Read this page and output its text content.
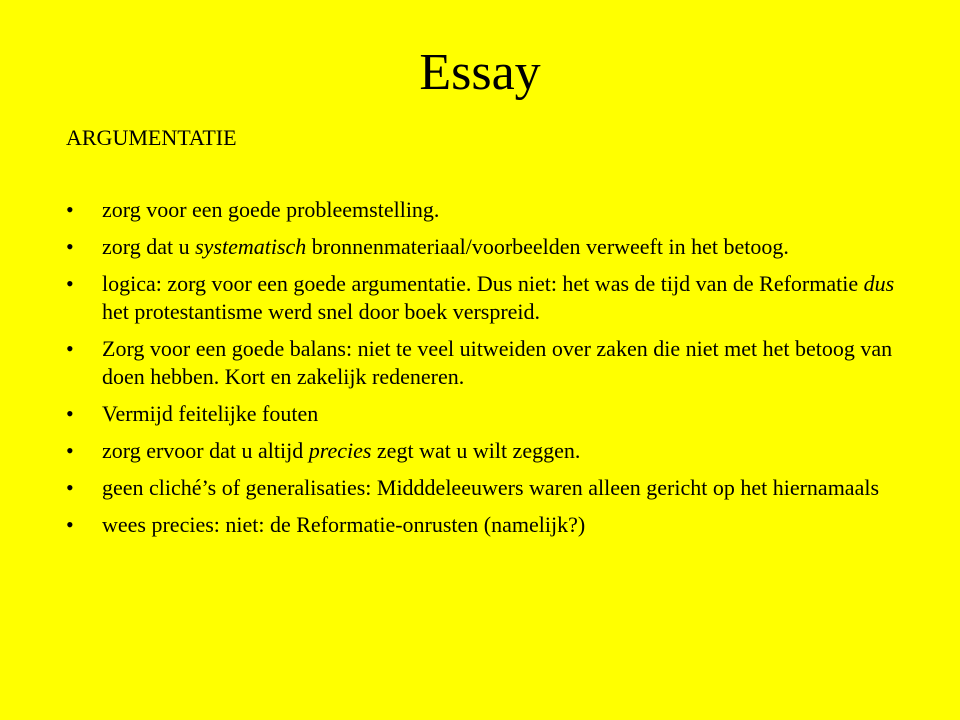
Essay
ARGUMENTATIE
• zorg voor een goede probleemstelling.
• zorg dat u systematisch bronnenmateriaal/voorbeelden verweeft in het betoog.
• logica: zorg voor een goede argumentatie. Dus niet: het was de tijd van de Reformatie dus het protestantisme werd snel door boek verspreid.
• Zorg voor een goede balans: niet te veel uitweiden over zaken die niet met het betoog van doen hebben. Kort en zakelijk redeneren.
• Vermijd feitelijke fouten
• zorg ervoor dat u altijd precies zegt wat u wilt zeggen.
• geen cliché’s of generalisaties: Midddeleeuwers waren alleen gericht op het hiernamaals
• wees precies: niet: de Reformatie-onrusten (namelijk?)
